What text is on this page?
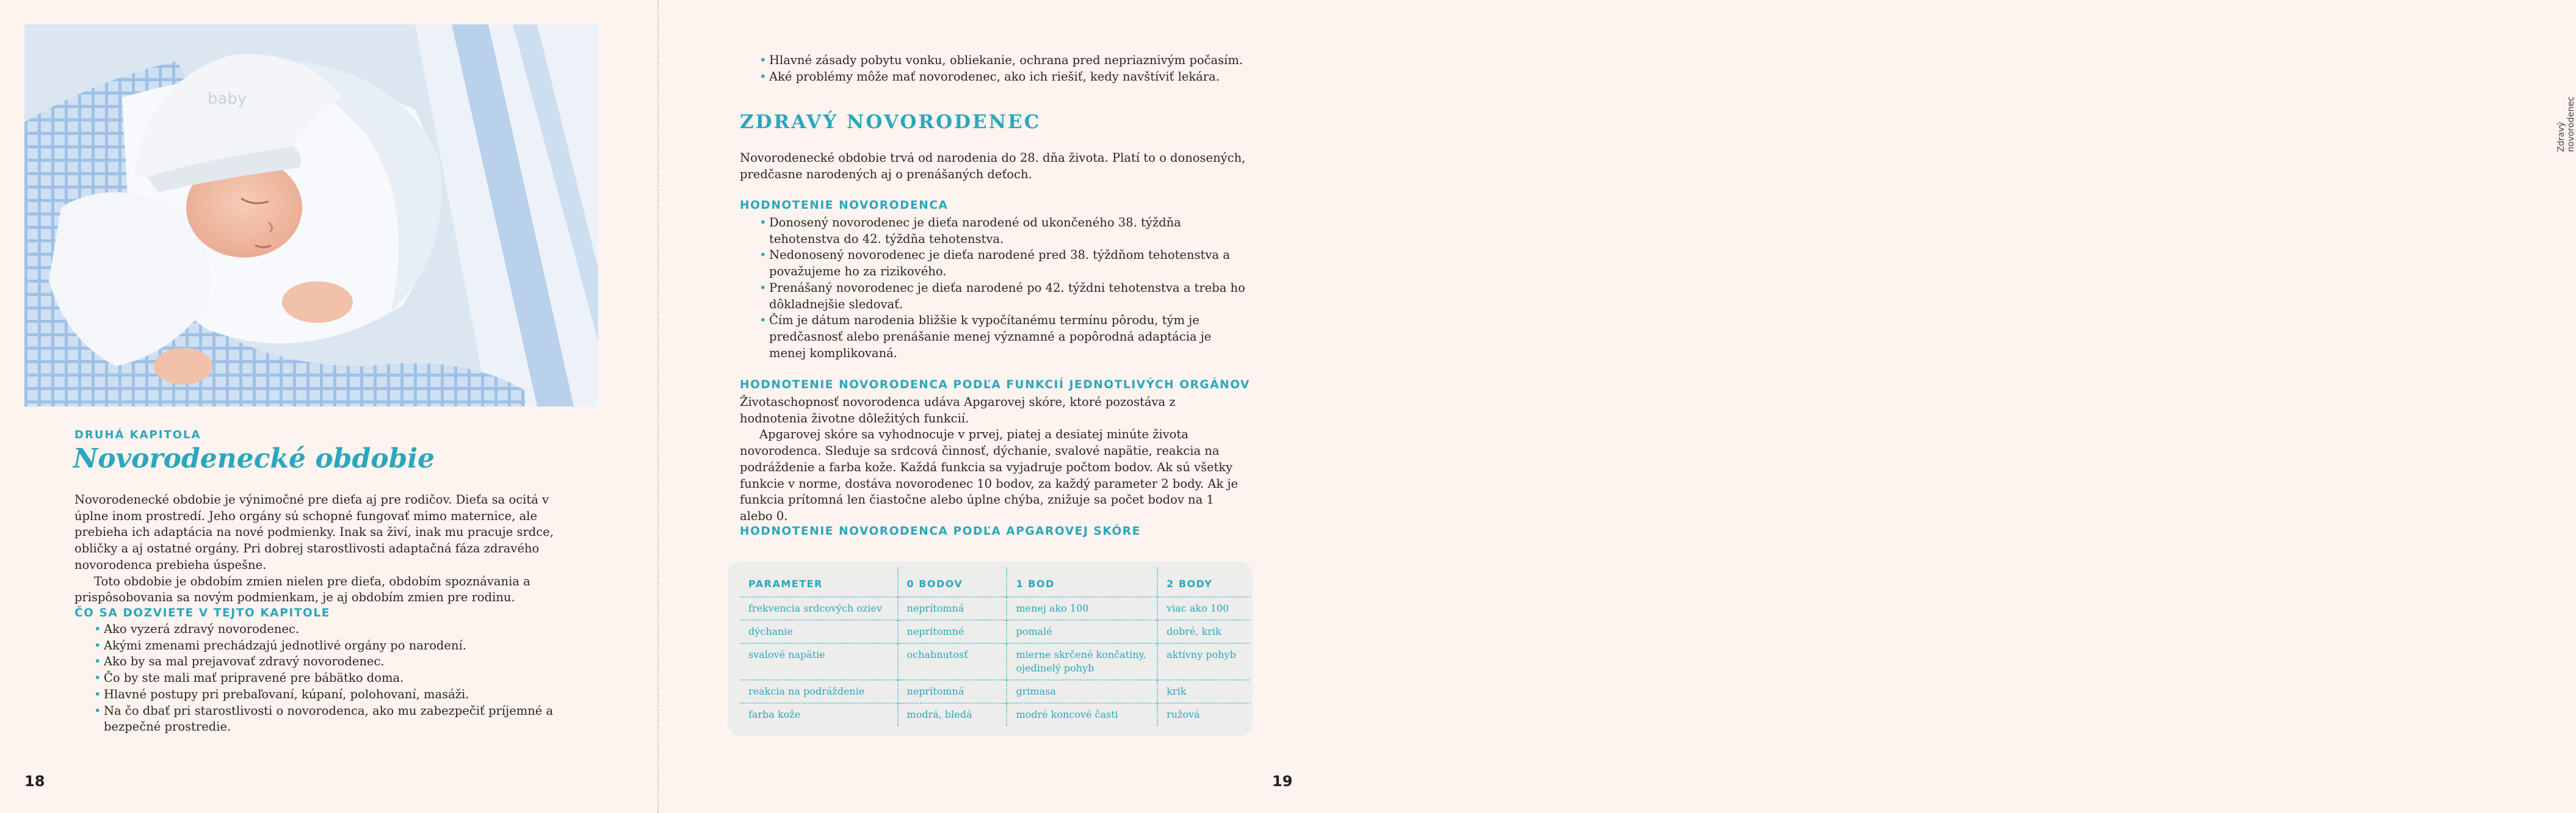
baby
DRUHÁ KAPITOLA
Novorodenecké obdobie

Novorodenecké obdobie je výnimočné pre dieťa aj pre rodičov. Dieťa sa ocitá v úplne inom prostredí. Jeho orgány sú schopné fungovať mimo maternice, ale prebieha ich adaptácia na nové podmienky. Inak sa živí, inak mu pracuje srdce, obličky a aj ostatné orgány. Pri dobrej starostlivosti adaptačná fáza zdravého novorodenca prebieha úspešne.

Toto obdobie je obdobím zmien nielen pre dieťa, obdobím spoznávania a prispôsobovania sa novým podmienkam, je aj obdobím zmien pre rodinu.

ČO SA DOZVIETE V TEJTO KAPITOLE
• Ako vyzerá zdravý novorodenec.
• Akými zmenami prechádzajú jednotlivé orgány po narodení.
• Ako by sa mal prejavovať zdravý novorodenec.
• Čo by ste mali mať pripravené pre bábätko doma.
• Hlavné postupy pri prebaľovaní, kúpaní, polohovaní, masáži.
• Na čo dbať pri starostlivosti o novorodenca, ako mu zabezpečiť príjemné a bezpečné prostredie.
18
Zdravý novorodenec
• Hlavné zásady pobytu vonku, obliekanie, ochrana pred nepriaznivým počasím.
• Aké problémy môže mať novorodenec, ako ich riešiť, kedy navštíviť lekára.
ZDRAVÝ NOVORODENEC

Novorodenecké obdobie trvá od narodenia do 28. dňa života. Platí to o donosených, predčasne narodených aj o prenášaných deťoch.

HODNOTENIE NOVORODENCA
• Donosený novorodenec je dieťa narodené od ukončeného 38. týždňa tehotenstva do 42. týždňa tehotenstva.
• Nedonosený novorodenec je dieťa narodené pred 38. týždňom tehotenstva a považujeme ho za rizikového.
• Prenášaný novorodenec je dieťa narodené po 42. týždni tehotenstva a treba ho dôkladnejšie sledovať.
• Čím je dátum narodenia bližšie k vypočítanému termínu pôrodu, tým je predčasnosť alebo prenášanie menej významné a popôrodná adaptácia je menej komplikovaná.
HODNOTENIE NOVORODENCA PODĽA FUNKCIÍ JEDNOTLIVÝCH ORGÁNOV

Životaschopnosť novorodenca udáva Apgarovej skóre, ktoré pozostáva z hodnotenia životne dôležitých funkcií.

Apgarovej skóre sa vyhodnocuje v prvej, piatej a desiatej minúte života novorodenca. Sleduje sa srdcová činnosť, dýchanie, svalové napätie, reakcia na podráždenie a farba kože. Každá funkcia sa vyjadruje počtom bodov. Ak sú všetky funkcie v norme, dostáva novorodenec 10 bodov, za každý parameter 2 body. Ak je funkcia prítomná len čiastočne alebo úplne chýba, znižuje sa počet bodov na 1 alebo 0.

HODNOTENIE NOVORODENCA PODĽA APGAROVEJ SKÓRE
PARAMETER	0 BODOV	1 BOD	2 BODY
frekvencia srdcových oziev	neprítomná	menej ako 100	viac ako 100
dýchanie	neprítomné	pomalé	dobré, krik
svalové napätie	ochabnutosť	mierne skrčené končatiny, ojedinelý pohyb	aktívny pohyb
reakcia na podráždenie	neprítomná	grimasa	krik
farba kože	modrá, bledá	modré koncové časti	ružová
19
